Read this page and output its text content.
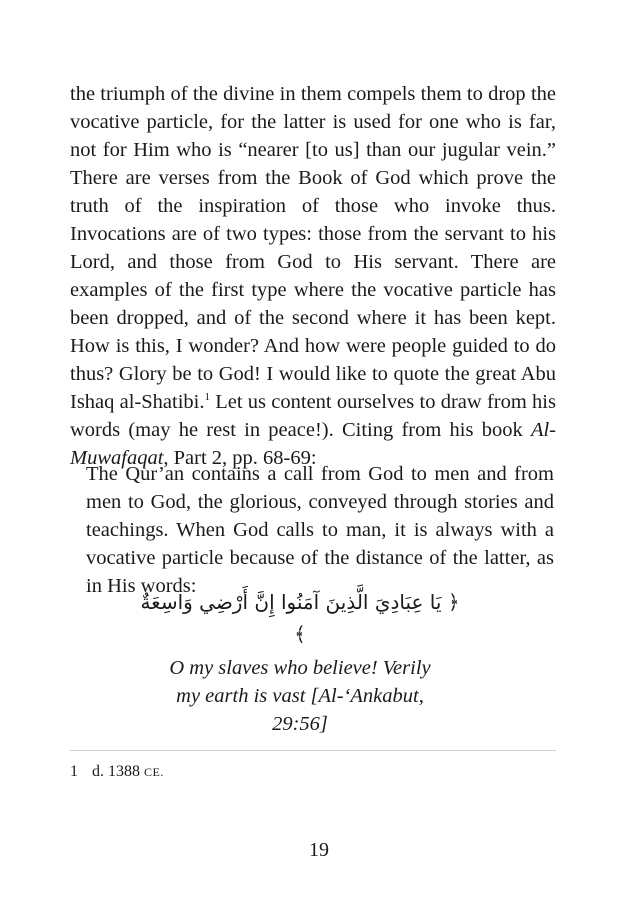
the triumph of the divine in them compels them to drop the vocative particle, for the latter is used for one who is far, not for Him who is “nearer [to us] than our jugular vein.” There are verses from the Book of God which prove the truth of the inspiration of those who invoke thus. Invocations are of two types: those from the servant to his Lord, and those from God to His servant. There are examples of the first type where the vocative particle has been dropped, and of the second where it has been kept. How is this, I wonder? And how were people guided to do thus? Glory be to God! I would like to quote the great Abu Ishaq al-Shatibi.$^1$ Let us content ourselves to draw from his words (may he rest in peace!). Citing from his book Al-Muwafaqat, Part 2, pp. 68-69:

The Qur’an contains a call from God to men and from men to God, the glorious, conveyed through stories and teachings. When God calls to man, it is always with a vocative particle because of the distance of the latter, as in His words:

﴿ يَا عِبَادِيَ الَّذِينَ آمَنُوا إِنَّ أَرْضِي وَاسِعَةٌ ﴾

O my slaves who believe! Verily

my earth is vast [Al-‘Ankabut,

29:56]

1 d. 1388 CE.

19
